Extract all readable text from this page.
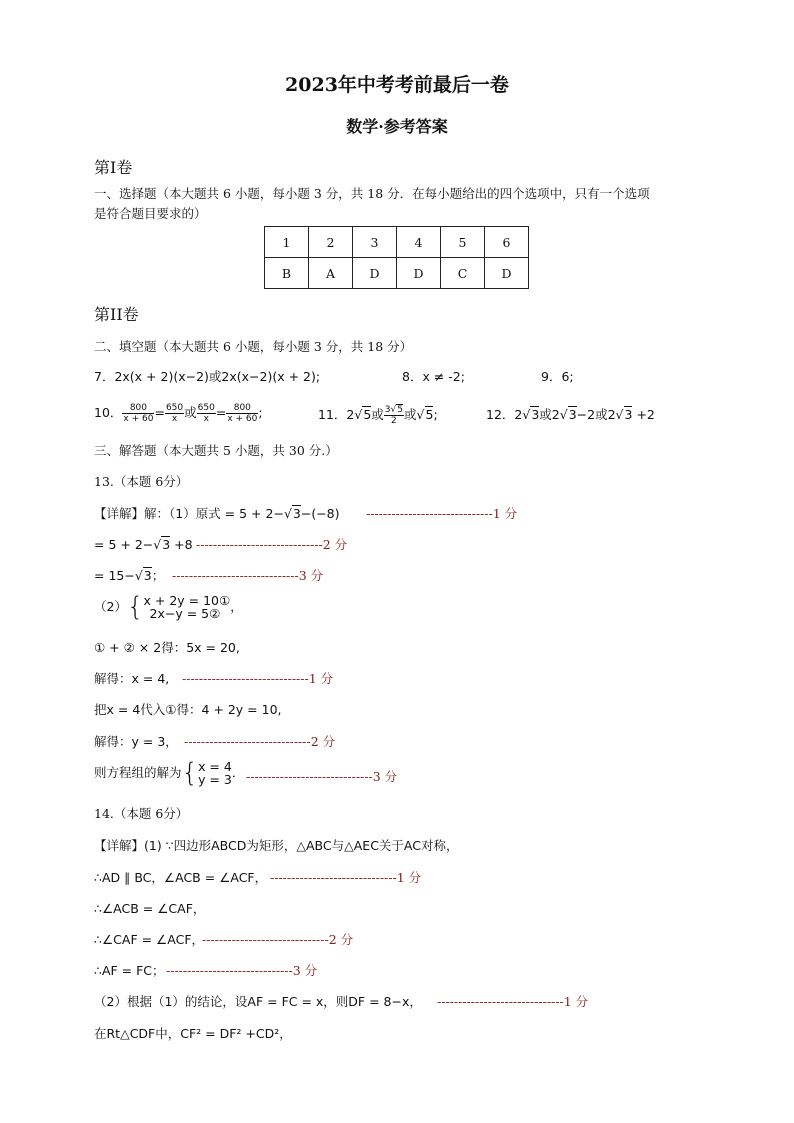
2023年中考考前最后一卷
数学·参考答案
第Ⅰ卷
一、选择题（本大题共 6 小题，每小题 3 分，共 18 分．在每小题给出的四个选项中，只有一个选项
是符合题目要求的）
1	2	3	4	5	6
B	A	D	D	C	D
第II卷
二、填空题（本大题共 6 小题，每小题 3 分，共 18 分）
7．2x(x + 2)(x−2)或2x(x−2)(x + 2);	8．x ≠ -2;	9．6;
10． $\frac{800}{x + 60} = \frac{650}{x}$ 或 $\frac{650}{x} = \frac{800}{x + 60}$ ;	11．2√5或 $\frac{3√5}{2}$ 或√5;	12．2√3或2√3−2或2√3 +2
三、解答题（本大题共 5 小题，共 30 分.）
13.（本题 6分）
【详解】解：（1）原式 = 5 + 2−√3−(−8) ------------------------------1 分
= 5 + 2−√3 +8 ------------------------------2 分
= 15−√3； ------------------------------3 分
（2）{ x + 2y = 10①
2x−y = 5② ，
① + ② × 2得：5x = 20,
解得：x = 4, ------------------------------1 分
把x = 4代入①得：4 + 2y = 10,
解得：y = 3， ------------------------------2 分
则方程组的解为{ x = 4
y = 3 ． ------------------------------3 分
14.（本题 6分）
【详解】(1) ∵四边形ABCD为矩形，△ABC与△AEC关于AC对称，
∴AD ∥ BC，∠ACB = ∠ACF， ------------------------------1 分
∴∠ACB = ∠CAF，
∴∠CAF = ∠ACF，
------------------------------2 分
∴AF = FC； ------------------------------3 分
（2）根据（1）的结论，设AF = FC = x，则DF = 8−x， ------------------------------1 分
在Rt△CDF中，CF² = DF² +CD²，
